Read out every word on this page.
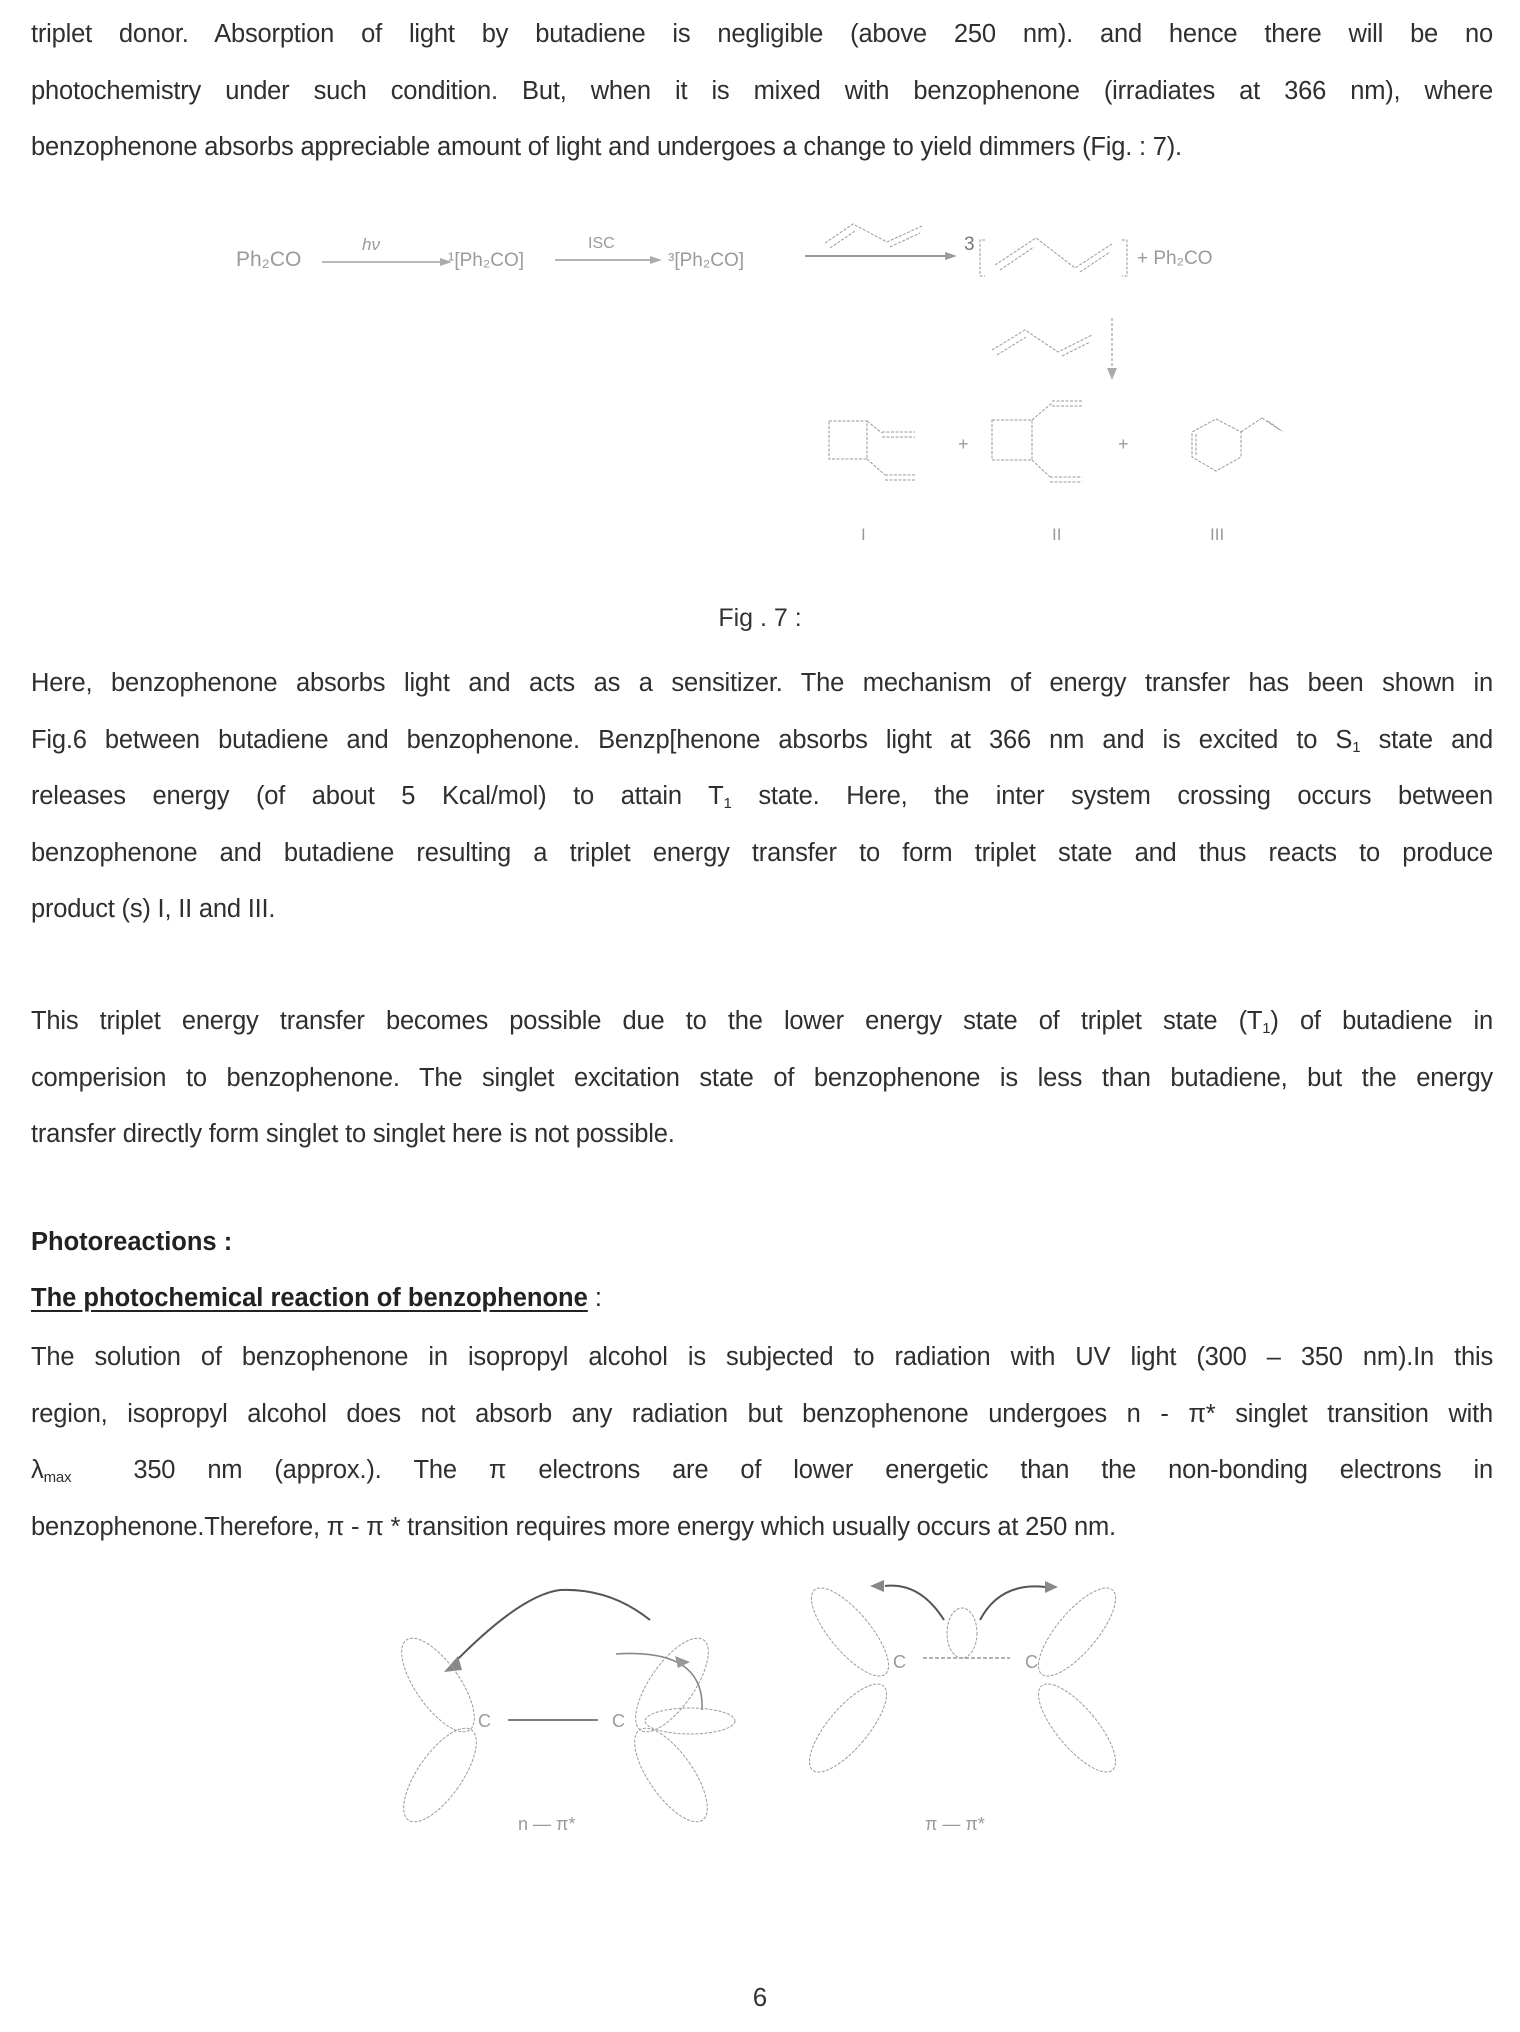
triplet donor. Absorption of light by butadiene is negligible (above 250 nm). and hence there will be no
photochemistry under such condition. But, when it is mixed with benzophenone (irradiates at 366 nm), where
benzophenone absorbs appreciable amount of light and undergoes a change to yield dimmers (Fig. : 7).
Ph₂CO
hν
¹[Ph₂CO]
ISC
³[Ph₂CO]
3
+ Ph₂CO
+	+
I	II	III
Fig . 7 :
Here, benzophenone absorbs light and acts as a sensitizer. The mechanism of energy transfer has been shown in
Fig.6 between butadiene and benzophenone. Benzp[henone absorbs light at 366 nm and is excited to $S_1$ state and
releases energy (of about 5 Kcal/mol) to attain $T_1$ state. Here, the inter system crossing occurs between
benzophenone and butadiene resulting a triplet energy transfer to form triplet state and thus reacts to produce
product (s) I, II and III.
This triplet energy transfer becomes possible due to the lower energy state of triplet state $(T_1)$ of butadiene in
comperision to benzophenone. The singlet excitation state of benzophenone is less than butadiene, but the energy
transfer directly form singlet to singlet here is not possible.
Photoreactions :
The photochemical reaction of benzophenone :
The solution of benzophenone in isopropyl alcohol is subjected to radiation with UV light (300 – 350 nm).In this
region, isopropyl alcohol does not absorb any radiation but benzophenone undergoes n - π* singlet transition with
$\lambda_{max}$ 350 nm (approx.). The π electrons are of lower energetic than the non-bonding electrons in
benzophenone.Therefore, π - π * transition requires more energy which usually occurs at 250 nm.
C	C
n — π*
C	C
π — π*
6
